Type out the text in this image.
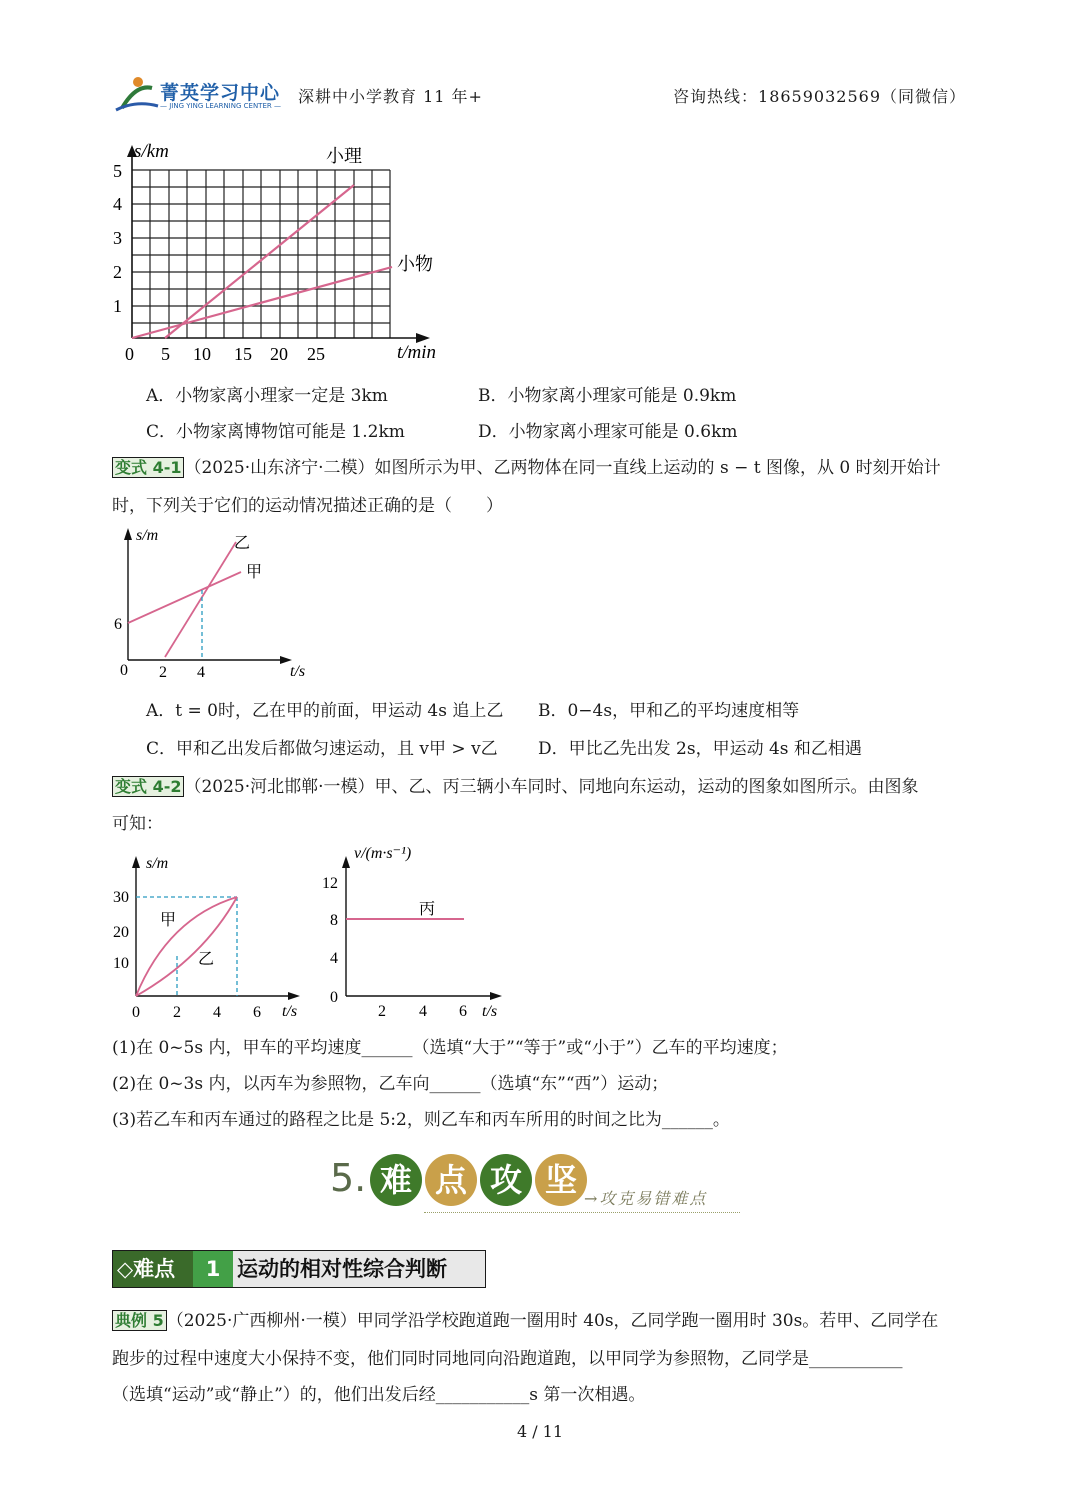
菁英学习中心
— JING YING LEARNING CENTER — 深耕中小学教育 11 年+	咨询热线：18659032569（同微信）
s/km
t/min
小理
小物
1
2
3
4
5
0 5 10 15 20 25
A．小物家离小理家一定是 3km	B．小物家离小理家可能是 0.9km
C．小物家离博物馆可能是 1.2km	D．小物家离小理家可能是 0.6km
变式 4-1 （2025·山东济宁·二模）如图所示为甲、乙两物体在同一直线上运动的 s − t 图像，从 0 时刻开始计
时，下列关于它们的运动情况描述正确的是（　　）
s/m
t/s
乙
甲
6
0 2 4
A．t = 0时，乙在甲的前面，甲运动 4s 追上乙 B．0−4s，甲和乙的平均速度相等
C．甲和乙出发后都做匀速运动，且 v甲 > v乙 D．甲比乙先出发 2s，甲运动 4s 和乙相遇
变式 4-2 （2025·河北邯郸·一模）甲、乙、丙三辆小车同时、同地向东运动，运动的图象如图所示。由图象
可知：
s/m
t/s
甲
乙
10
20
30
0 2 4 6
v/(m·s⁻¹)
t/s
丙
0
4
8
12
2 4 6
(1)在 0~5s 内，甲车的平均速度______（选填“大于”“等于”或“小于”）乙车的平均速度；
(2)在 0~3s 内，以丙车为参照物，乙车向______（选填“东”“西”）运动；
(3)若乙车和丙车通过的路程之比是 5:2，则乙车和丙车所用的时间之比为______。
5. 难 点 攻 坚 →攻克易错难点
◇难点	1 运动的相对性综合判断
典例 5 （2025·广西柳州·一模）甲同学沿学校跑道跑一圈用时 40s，乙同学跑一圈用时 30s。若甲、乙同学在
跑步的过程中速度大小保持不变，他们同时同地同向沿跑道跑，以甲同学为参照物，乙同学是___________
（选填“运动”或“静止”）的，他们出发后经___________s 第一次相遇。
4 / 11
